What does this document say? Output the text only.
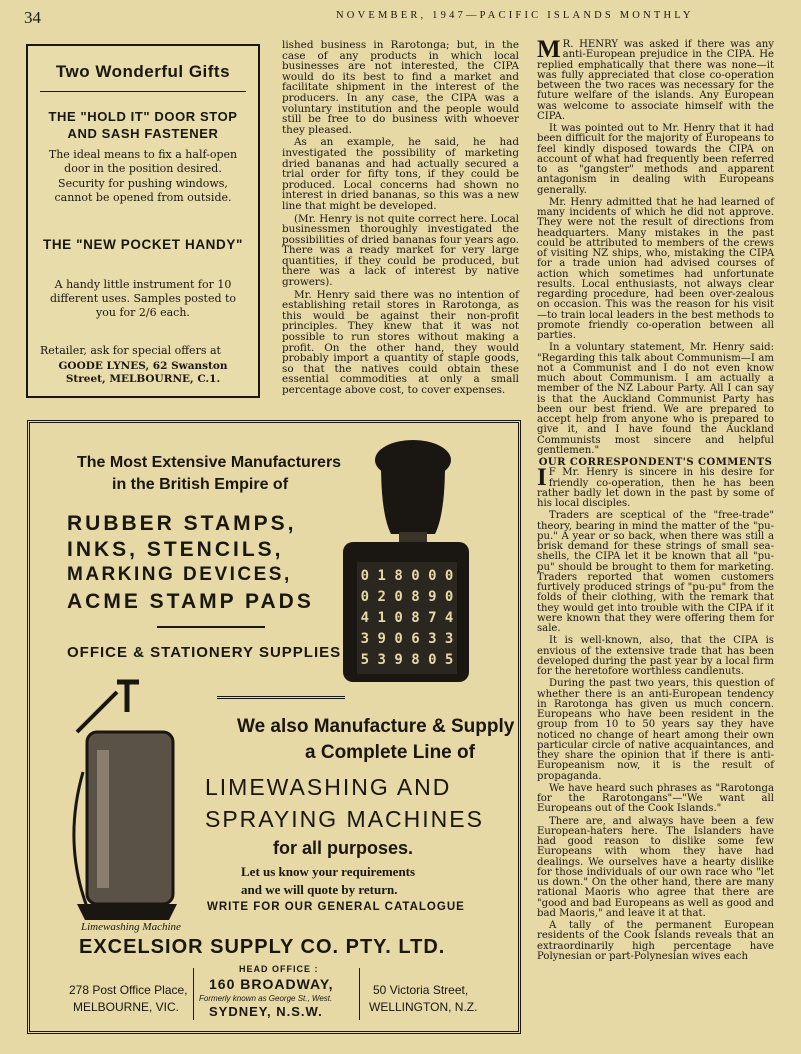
34	NOVEMBER, 1947—PACIFIC ISLANDS MONTHLY
Two Wonderful Gifts
THE "HOLD IT" DOOR STOP AND SASH FASTENER
The ideal means to fix a half-open door in the position desired.
Security for pushing windows, cannot be opened from outside.
THE "NEW POCKET HANDY"
A handy little instrument for 10 different uses. Samples posted to you for 2/6 each.
Retailer, ask for special offers at
GOODE LYNES, 62 Swanston Street, MELBOURNE, C.1.

lished business in Rarotonga; but, in the case of any products in which local businesses are not interested, the CIPA would do its best to find a market and facilitate shipment in the interest of the producers. In any case, the CIPA was a voluntary institution and the people would still be free to do business with whoever they pleased.

As an example, he said, he had investigated the possibility of marketing dried bananas and had actually secured a trial order for fifty tons, if they could be produced. Local concerns had shown no interest in dried bananas, so this was a new line that might be developed.

(Mr. Henry is not quite correct here. Local businessmen thoroughly investigated the possibilities of dried bananas four years ago. There was a ready market for very large quantities, if they could be produced, but there was a lack of interest by native growers).

Mr. Henry said there was no intention of establishing retail stores in Rarotonga, as this would be against their non-profit principles. They knew that it was not possible to run stores without making a profit. On the other hand, they would probably import a quantity of staple goods, so that the natives could obtain these essential commodities at only a small percentage above cost, to cover expenses.

M R. HENRY was asked if there was any anti-European prejudice in the CIPA. He replied emphatically that there was none—it was fully appreciated that close co-operation between the two races was necessary for the future welfare of the islands. Any European was welcome to associate himself with the CIPA.

It was pointed out to Mr. Henry that it had been difficult for the majority of Europeans to feel kindly disposed towards the CIPA on account of what had frequently been referred to as "gangster" methods and apparent antagonism in dealing with Europeans generally.

Mr. Henry admitted that he had learned of many incidents of which he did not approve. They were not the result of directions from headquarters. Many mistakes in the past could be attributed to members of the crews of visiting NZ ships, who, mistaking the CIPA for a trade union had advised courses of action which sometimes had unfortunate results. Local enthusiasts, not always clear regarding procedure, had been over-zealous on occasion. This was the reason for his visit—to train local leaders in the best methods to promote friendly co-operation between all parties.

In a voluntary statement, Mr. Henry said: "Regarding this talk about Communism—I am not a Communist and I do not even know much about Communism. I am actually a member of the NZ Labour Party. All I can say is that the Auckland Communist Party has been our best friend. We are prepared to accept help from anyone who is prepared to give it, and I have found the Auckland Communists most sincere and helpful gentlemen."

OUR CORRESPONDENT'S COMMENTS

I F Mr. Henry is sincere in his desire for friendly co-operation, then he has been rather badly let down in the past by some of his local disciples.

Traders are sceptical of the "free-trade" theory, bearing in mind the matter of the "pu-pu." A year or so back, when there was still a brisk demand for these strings of small sea-shells, the CIPA let it be known that all "pu-pu" should be brought to them for marketing. Traders reported that women customers furtively produced strings of "pu-pu" from the folds of their clothing, with the remark that they would get into trouble with the CIPA if it were known that they were offering them for sale.

It is well-known, also, that the CIPA is envious of the extensive trade that has been developed during the past year by a local firm for the heretofore worthless candlenuts.

During the past two years, this question of whether there is an anti-European tendency in Rarotonga has given us much concern. Europeans who have been resident in the group from 10 to 50 years say they have noticed no change of heart among their own particular circle of native acquaintances, and they share the opinion that if there is anti-Europeanism now, it is the result of propaganda.

We have heard such phrases as "Rarotonga for the Rarotongans"—"We want all Europeans out of the Cook Islands."

There are, and always have been a few European-haters here. The Islanders have had good reason to dislike some few Europeans with whom they have had dealings. We ourselves have a hearty dislike for those individuals of our own race who "let us down." On the other hand, there are many rational Maoris who agree that there are "good and bad Europeans as well as good and bad Maoris," and leave it at that.

A tally of the permanent European residents of the Cook Islands reveals that an extraordinarily high percentage have Polynesian or part-Polynesian wives each

The Most Extensive Manufacturers
in the British Empire of
RUBBER STAMPS,
INKS, STENCILS,
MARKING DEVICES,
ACME STAMP PADS
OFFICE & STATIONERY SUPPLIES
0 1 8 0 0 0
0 2 0 8 9 0
4 1 0 8 7 4
3 9 0 6 3 3
5 3 9 8 0 5
We also Manufacture & Supply
a Complete Line of
LIMEWASHING AND
SPRAYING MACHINES
for all purposes.
Let us know your requirements
and we will quote by return.
WRITE FOR OUR GENERAL CATALOGUE
Limewashing Machine
EXCELSIOR SUPPLY CO. PTY. LTD.
HEAD OFFICE :
278 Post Office Place,
MELBOURNE, VIC.
160 BROADWAY,
Formerly known as George St., West.
SYDNEY, N.S.W.
50 Victoria Street,
WELLINGTON, N.Z.
